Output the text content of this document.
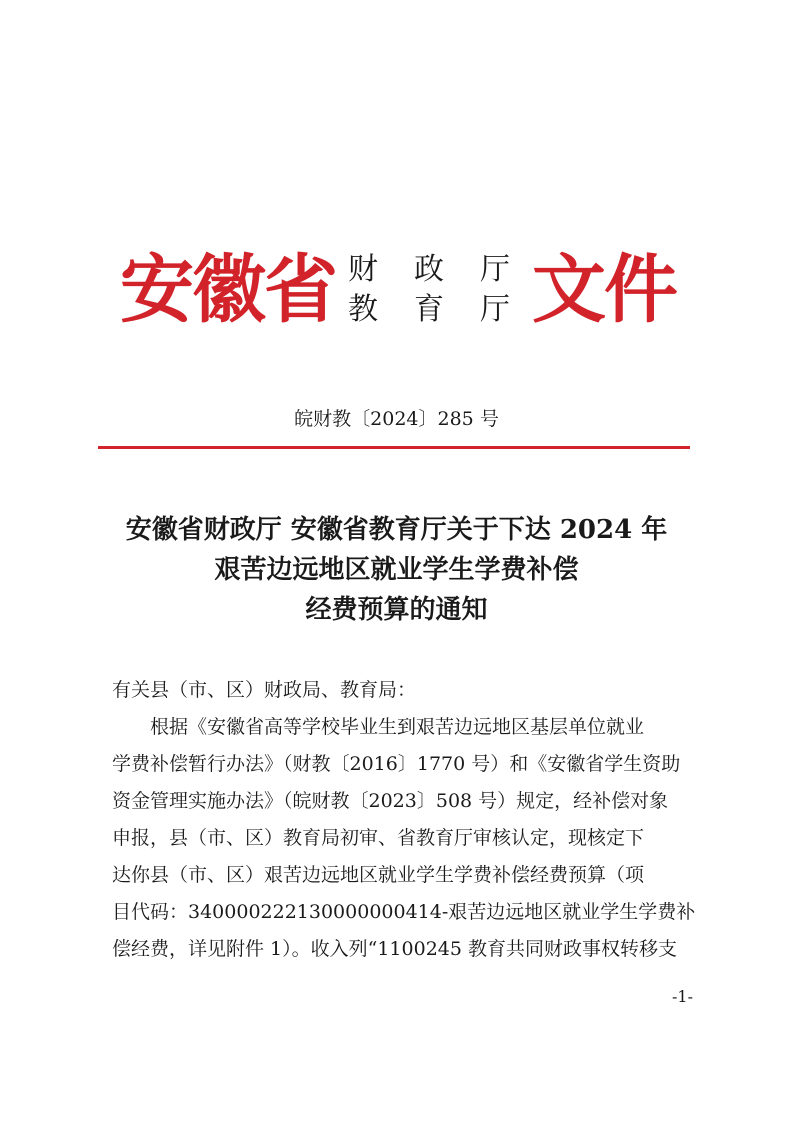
安徽省 财政厅
教育厅
文件
皖财教〔2024〕285 号
安徽省财政厅 安徽省教育厅关于下达 2024 年
艰苦边远地区就业学生学费补偿
经费预算的通知
有关县（市、区）财政局、教育局：
根据《安徽省高等学校毕业生到艰苦边远地区基层单位就业
学费补偿暂行办法》（财教〔2016〕1770 号）和《安徽省学生资助
资金管理实施办法》（皖财教〔2023〕508 号）规定，经补偿对象
申报，县（市、区）教育局初审、省教育厅审核认定，现核定下
达你县（市、区）艰苦边远地区就业学生学费补偿经费预算（项
目代码：340000222130000000414-艰苦边远地区就业学生学费补
偿经费，详见附件 1）。收入列“1100245 教育共同财政事权转移支
-1-
